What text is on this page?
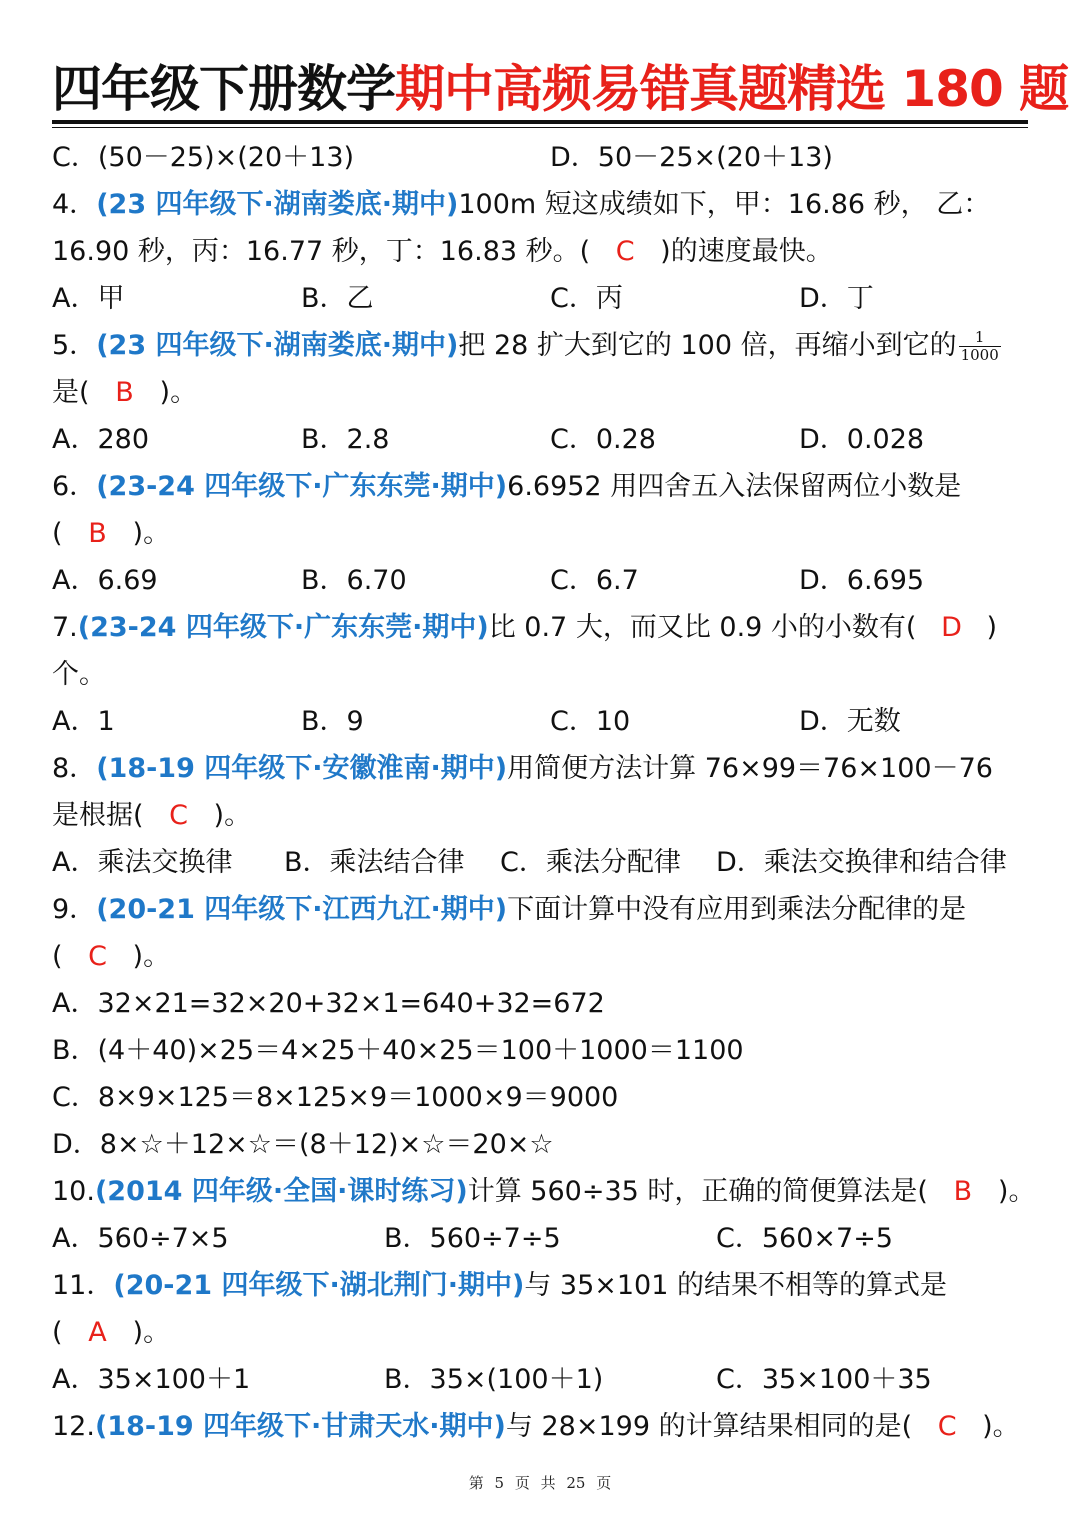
四年级下册数学期中高频易错真题精选 180 题
C．(50－25)×(20＋13)	D．50－25×(20＋13)
4．(23 四年级下·湖南娄底·期中)100m 短这成绩如下，甲：16.86 秒， 乙：
16.90 秒，丙：16.77 秒，丁：16.83 秒。( C )的速度最快。
A．甲	B．乙	C．丙	D．丁
5．(23 四年级下·湖南娄底·期中)把 28 扩大到它的 100 倍，再缩小到它的 $\frac{1}{1000}$
是( B )。
A．280	B．2.8	C．0.28	D．0.028
6．(23-24 四年级下·广东东莞·期中)6.6952 用四舍五入法保留两位小数是
( B )。
A．6.69	B．6.70	C．6.7	D．6.695
7.(23-24 四年级下·广东东莞·期中)比 0.7 大，而又比 0.9 小的小数有( D )
个。
A．1	B．9	C．10	D．无数
8．(18-19 四年级下·安徽淮南·期中)用简便方法计算 76×99＝76×100－76
是根据( C )。
A．乘法交换律 B．乘法结合律 C．乘法分配律 D．乘法交换律和结合律
9．(20-21 四年级下·江西九江·期中)下面计算中没有应用到乘法分配律的是
( C )。
A．32×21=32×20+32×1=640+32=672
B．(4＋40)×25＝4×25＋40×25＝100＋1000＝1100
C．8×9×125＝8×125×9＝1000×9＝9000
D．8×☆＋12×☆＝(8＋12)×☆＝20×☆
10.(2014 四年级·全国·课时练习)计算 560÷35 时，正确的简便算法是( B )。
A．560÷7×5	B．560÷7÷5	C．560×7÷5
11．(20-21 四年级下·湖北荆门·期中)与 35×101 的结果不相等的算式是
( A )。
A．35×100＋1	B．35×(100＋1)	C．35×100＋35
12.(18-19 四年级下·甘肃天水·期中)与 28×199 的计算结果相同的是( C )。
第 5 页 共 25 页
